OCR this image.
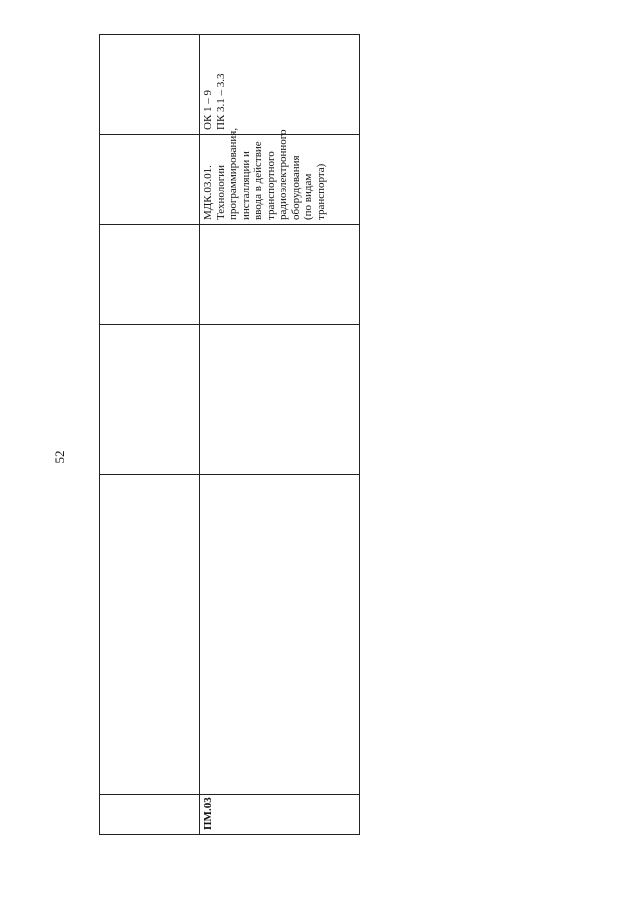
52

ПМ.03				МДК.03.01. Технологии программирования, инсталляции и ввода в действие транспортного радиоэлектронного оборудования (по видам транспорта)	ОК 1 – 9 ПК 3.1 – 3.3
